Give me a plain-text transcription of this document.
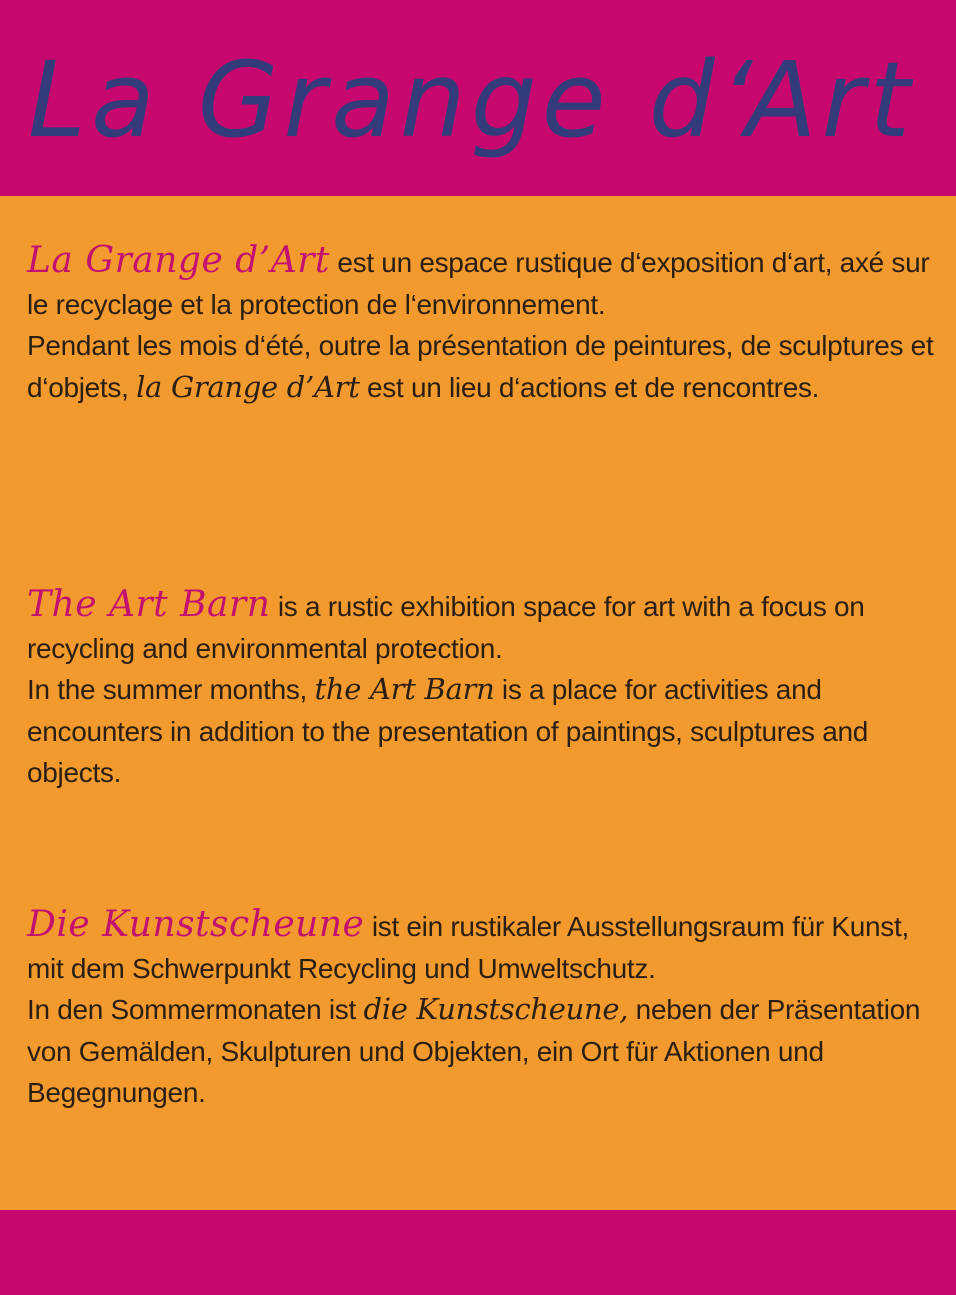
La Grange d‘Art

La Grange d’Art est un espace rustique d‘exposition d‘art, axé sur le recyclage et la protection de l‘environnement.

Pendant les mois d‘été, outre la présentation de peintures, de sculptures et d‘objets, la Grange d’Art est un lieu d‘actions et de rencontres.

The Art Barn is a rustic exhibition space for art with a focus on recycling and environmental protection.

In the summer months, the Art Barn is a place for activities and encounters in addition to the presentation of paintings, sculptures and objects.

Die Kunstscheune ist ein rustikaler Ausstellungsraum für Kunst, mit dem Schwerpunkt Recycling und Umweltschutz.

In den Sommermonaten ist die Kunstscheune, neben der Präsentation von Gemälden, Skulpturen und Objekten, ein Ort für Aktionen und Begegnungen.
